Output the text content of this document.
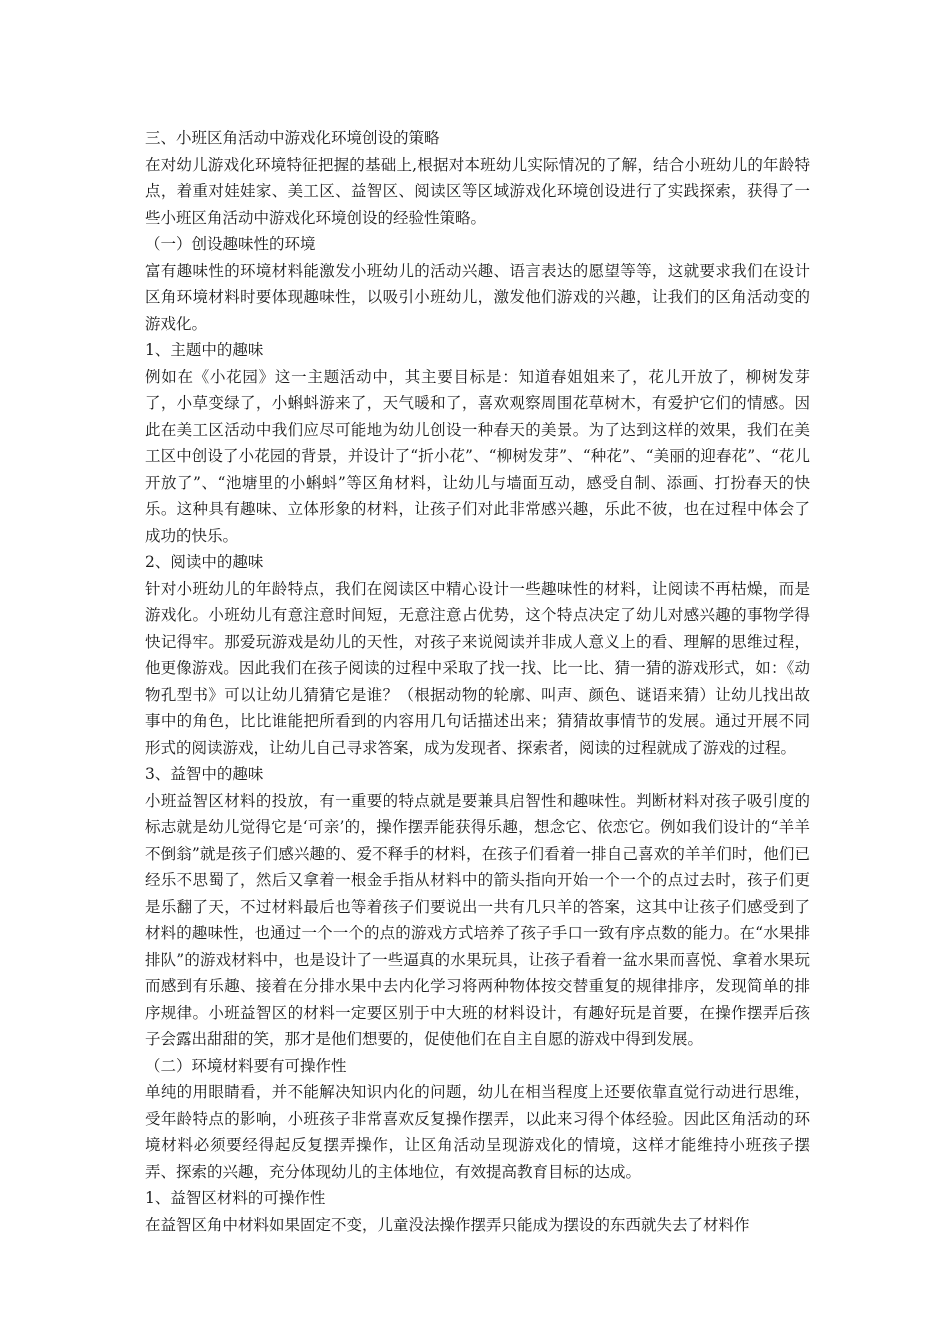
三、小班区角活动中游戏化环境创设的策略

在对幼儿游戏化环境特征把握的基础上,根据对本班幼儿实际情况的了解，结合小班幼儿的年龄特点，着重对娃娃家、美工区、益智区、阅读区等区域游戏化环境创设进行了实践探索，获得了一些小班区角活动中游戏化环境创设的经验性策略。

（一）创设趣味性的环境

富有趣味性的环境材料能激发小班幼儿的活动兴趣、语言表达的愿望等等，这就要求我们在设计区角环境材料时要体现趣味性，以吸引小班幼儿，激发他们游戏的兴趣，让我们的区角活动变的游戏化。

1、主题中的趣味

例如在《小花园》这一主题活动中，其主要目标是：知道春姐姐来了，花儿开放了，柳树发芽了，小草变绿了，小蝌蚪游来了，天气暖和了，喜欢观察周围花草树木，有爱护它们的情感。因此在美工区活动中我们应尽可能地为幼儿创设一种春天的美景。为了达到这样的效果，我们在美工区中创设了小花园的背景，并设计了“折小花”、“柳树发芽”、“种花”、“美丽的迎春花”、“花儿开放了”、“池塘里的小蝌蚪”等区角材料，让幼儿与墙面互动，感受自制、添画、打扮春天的快乐。这种具有趣味、立体形象的材料，让孩子们对此非常感兴趣，乐此不彼，也在过程中体会了成功的快乐。

2、阅读中的趣味

针对小班幼儿的年龄特点，我们在阅读区中精心设计一些趣味性的材料，让阅读不再枯燥，而是游戏化。小班幼儿有意注意时间短，无意注意占优势，这个特点决定了幼儿对感兴趣的事物学得快记得牢。那爱玩游戏是幼儿的天性，对孩子来说阅读并非成人意义上的看、理解的思维过程，他更像游戏。因此我们在孩子阅读的过程中采取了找一找、比一比、猜一猜的游戏形式，如：《动物孔型书》可以让幼儿猜猜它是谁？（根据动物的轮廓、叫声、颜色、谜语来猜）让幼儿找出故事中的角色，比比谁能把所看到的内容用几句话描述出来；猜猜故事情节的发展。通过开展不同形式的阅读游戏，让幼儿自己寻求答案，成为发现者、探索者，阅读的过程就成了游戏的过程。

3、益智中的趣味

小班益智区材料的投放，有一重要的特点就是要兼具启智性和趣味性。判断材料对孩子吸引度的标志就是幼儿觉得它是‘可亲’的，操作摆弄能获得乐趣，想念它、依恋它。例如我们设计的“羊羊不倒翁”就是孩子们感兴趣的、爱不释手的材料，在孩子们看着一排自己喜欢的羊羊们时，他们已经乐不思蜀了，然后又拿着一根金手指从材料中的箭头指向开始一个一个的点过去时，孩子们更是乐翻了天，不过材料最后也等着孩子们要说出一共有几只羊的答案，这其中让孩子们感受到了材料的趣味性，也通过一个一个的点的游戏方式培养了孩子手口一致有序点数的能力。在“水果排排队”的游戏材料中，也是设计了一些逼真的水果玩具，让孩子看着一盆水果而喜悦、拿着水果玩而感到有乐趣、接着在分排水果中去内化学习将两种物体按交替重复的规律排序，发现简单的排序规律。小班益智区的材料一定要区别于中大班的材料设计，有趣好玩是首要，在操作摆弄后孩子会露出甜甜的笑，那才是他们想要的，促使他们在自主自愿的游戏中得到发展。

（二）环境材料要有可操作性

单纯的用眼睛看，并不能解决知识内化的问题，幼儿在相当程度上还要依靠直觉行动进行思维，受年龄特点的影响，小班孩子非常喜欢反复操作摆弄，以此来习得个体经验。因此区角活动的环境材料必须要经得起反复摆弄操作，让区角活动呈现游戏化的情境，这样才能维持小班孩子摆弄、探索的兴趣，充分体现幼儿的主体地位，有效提高教育目标的达成。

1、益智区材料的可操作性

在益智区角中材料如果固定不变，儿童没法操作摆弄只能成为摆设的东西就失去了材料作
